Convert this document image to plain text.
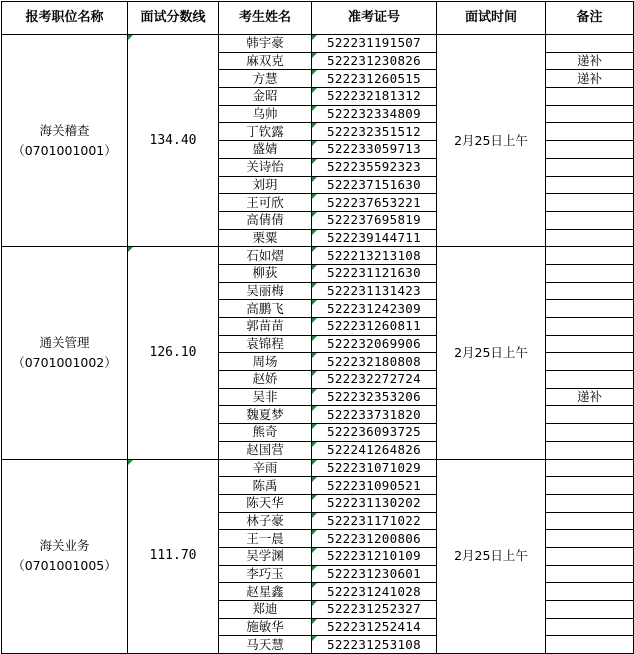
报考职位名称	面试分数线	考生姓名	准考证号	面试时间	备注

海关稽查
（0701001001）	134.40	韩宇豪	522231191507	2月25日上午	
		麻双克	522231230826		递补
		方慧	522231260515		递补
		金昭	522232181312		
		乌帅	522232334809		
		丁钦露	522232351512		
		盛婧	522233059713		
		关诗怡	522235592323		
		刘玥	522237151630		
		王可欣	522237653221		
		高倩倩	522237695819		
		栗粟	522239144711		

通关管理
（0701001002）	126.10	石如熠	522213213108	2月25日上午	
		柳荻	522231121630		
		吴丽梅	522231131423		
		高鹏飞	522231242309		
		郭苗苗	522231260811		
		袁锦程	522232069906		
		周场	522232180808		
		赵娇	522232272724		
		吴非	522232353206		递补
		魏夏梦	522233731820		
		熊奇	522236093725		
		赵国营	522241264826		

海关业务
（0701001005）	111.70	辛雨	522231071029	2月25日上午	
		陈禹	522231090521		
		陈天华	522231130202		
		林子豪	522231171022		
		王一晨	522231200806		
		吴学渊	522231210109		
		李巧玉	522231230601		
		赵星鑫	522231241028		
		郑迪	522231252327		
		施敏华	522231252414		
		马天慧	522231253108		
